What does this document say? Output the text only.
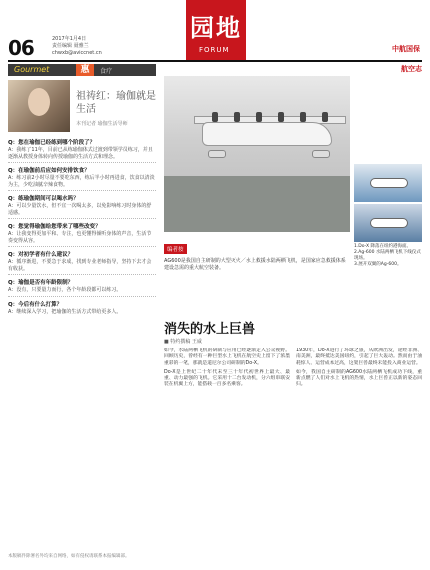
06	2017年1月4日
责任编辑 聂雅兰
chwxb@aviccnet.cn
园地
FORUM	中航国保
Gourmet	惠	食疗
祖祷红：瑜伽就是生活
本刊记者 瑜伽生活导师
Q：您在瑜伽已经练到哪个阶段了？
A：我练了11年，目前已从练瑜伽体式过渡到带领学员练习，并且逐渐从教授身体转向传授瑜伽的生活方式和理念。
Q：在瑜伽前后应如何安排饮食？
A：练习前2小时尽量不要吃东西，练后半小时再进食，饮食以清淡为主，少吃油腻辛辣食物。
Q：练瑜伽期间可以喝水吗？
A：可以少量饮水，但不宜一次喝太多，以免影响练习时身体的舒适感。
Q：您觉得瑜伽给您带来了哪些改变？
A：让我变得更加平和、专注，也更懂得倾听身体的声音，生活节奏变得从容。
Q：对初学者有什么建议？
A：循序渐进，不要急于求成，找到专业老师指导，坚持下去才会有收获。
Q：瑜伽是否有年龄限制？
A：没有，只要量力而行，各个年龄段都可以练习。
Q：今后有什么打算？
A：继续深入学习，把瑜伽的生活方式带给更多人。
本版稿件除署名外均来自网络，如有侵权请联系本报编辑部。
航空志
1.Do-X 降落在纽约港海面。
2.Ag-600 水陆两栖飞机下线仪式现场。
3.展开双翼的Ag-600。
编者按
AG600是我国自主研制的大型灭火／水上救援水陆两栖飞机，是国家应急救援体系建设急需的重大航空装备。
消失的水上巨兽
■ 特约撰稿 王威

如今，水陆两栖飞机的研制与应用已经逐渐走入公众视野。回顾历史，曾经有一种巨型水上飞机在航空史上留下了浓墨重彩的一笔，那就是道尼尔公司研制的Do-X。

Do-X是上世纪二十年代末至三十年代初世界上最大、最重、动力最强的飞机。它采用十二台发动机，分六组串联安装在机翼上方，能搭载一百多名乘客。

1930年，Do-X进行了环球之旅，从欧洲出发，途经非洲、南美洲，最终抵达美国纽约，引起了巨大轰动。然而由于油耗惊人、运营成本过高，这架巨兽最终未能投入商业运营。

如今，我国自主研制的AG600水陆两栖飞机成功下线，重新点燃了人们对水上飞机的热情，水上巨兽正以新的姿态回归。
